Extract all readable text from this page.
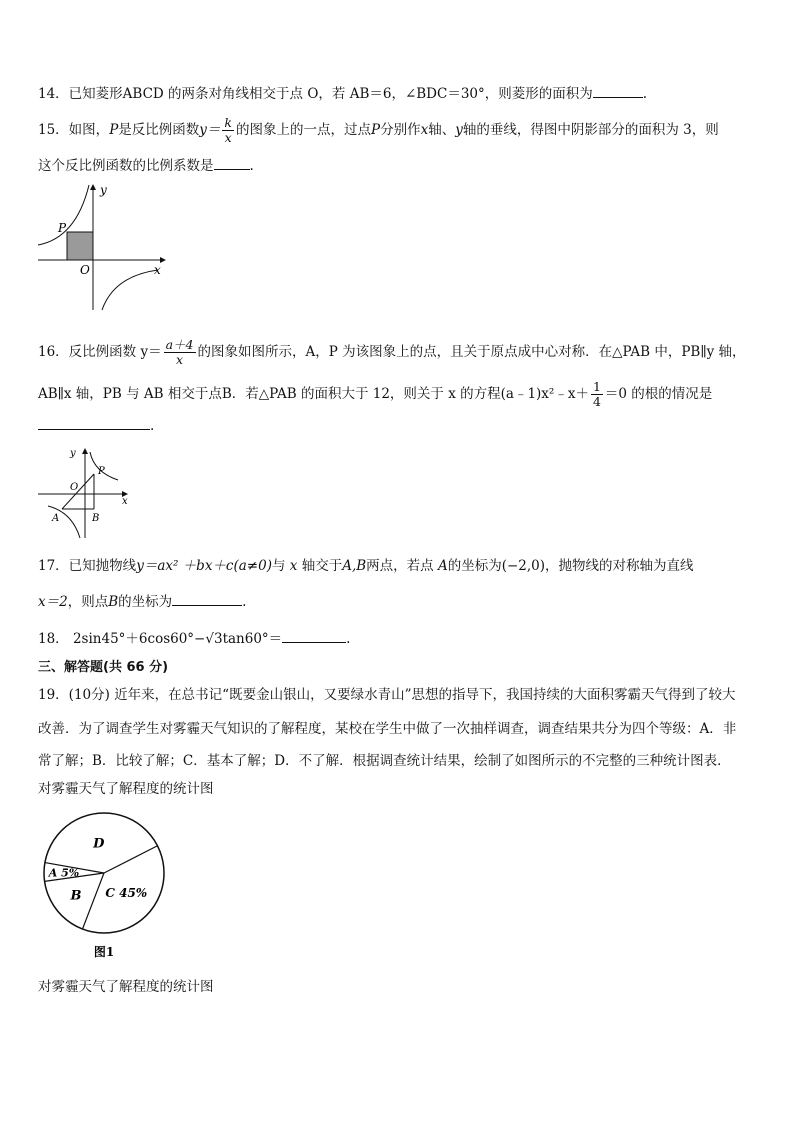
14．已知菱形ABCD 的两条对角线相交于点 O，若 AB＝6，∠BDC＝30°，则菱形的面积为	.
15．如图，P是反比例函数$y= \frac{k}{x}$ 的图象上的一点，过点P分别作x轴、y轴的垂线，得图中阴影部分的面积为 3，则
这个反比例函数的比例系数是	.
y
P
O	x
16．反比例函数 $y= \frac{a+4}{x}$ 的图象如图所示，A，P 为该图象上的点，且关于原点成中心对称．在△PAB 中，PB∥y 轴，
AB∥x 轴，PB 与 AB 相交于点B．若△PAB 的面积大于 12，则关于 x 的方程(a﹣1)x²﹣x＋ $\frac{1}{4} =0$ 的根的情况是
.
y
P
O
x
A	B
17．已知抛物线y＝ax² ＋bx＋c(a≠0)与 x 轴交于A,B两点，若点 A的坐标为(−2,0)，抛物线的对称轴为直线
x＝2，则点B的坐标为	.
18． 2sin45°＋6cos60°−√3tan60°＝	.
三、解答题(共 66 分)
19．(10分) 近年来，在总书记“既要金山银山，又要绿水青山”思想的指导下，我国持续的大面积雾霸天气得到了较大
改善．为了调查学生对雾霾天气知识的了解程度，某校在学生中做了一次抽样调查，调查结果共分为四个等级：A．非
常了解；B．比较了解；C．基本了解；D．不了解．根据调查统计结果，绘制了如图所示的不完整的三种统计图表．
对雾霾天气了解程度的统计图
A 5%
B C 45%
D
图1
对雾霾天气了解程度的统计图
